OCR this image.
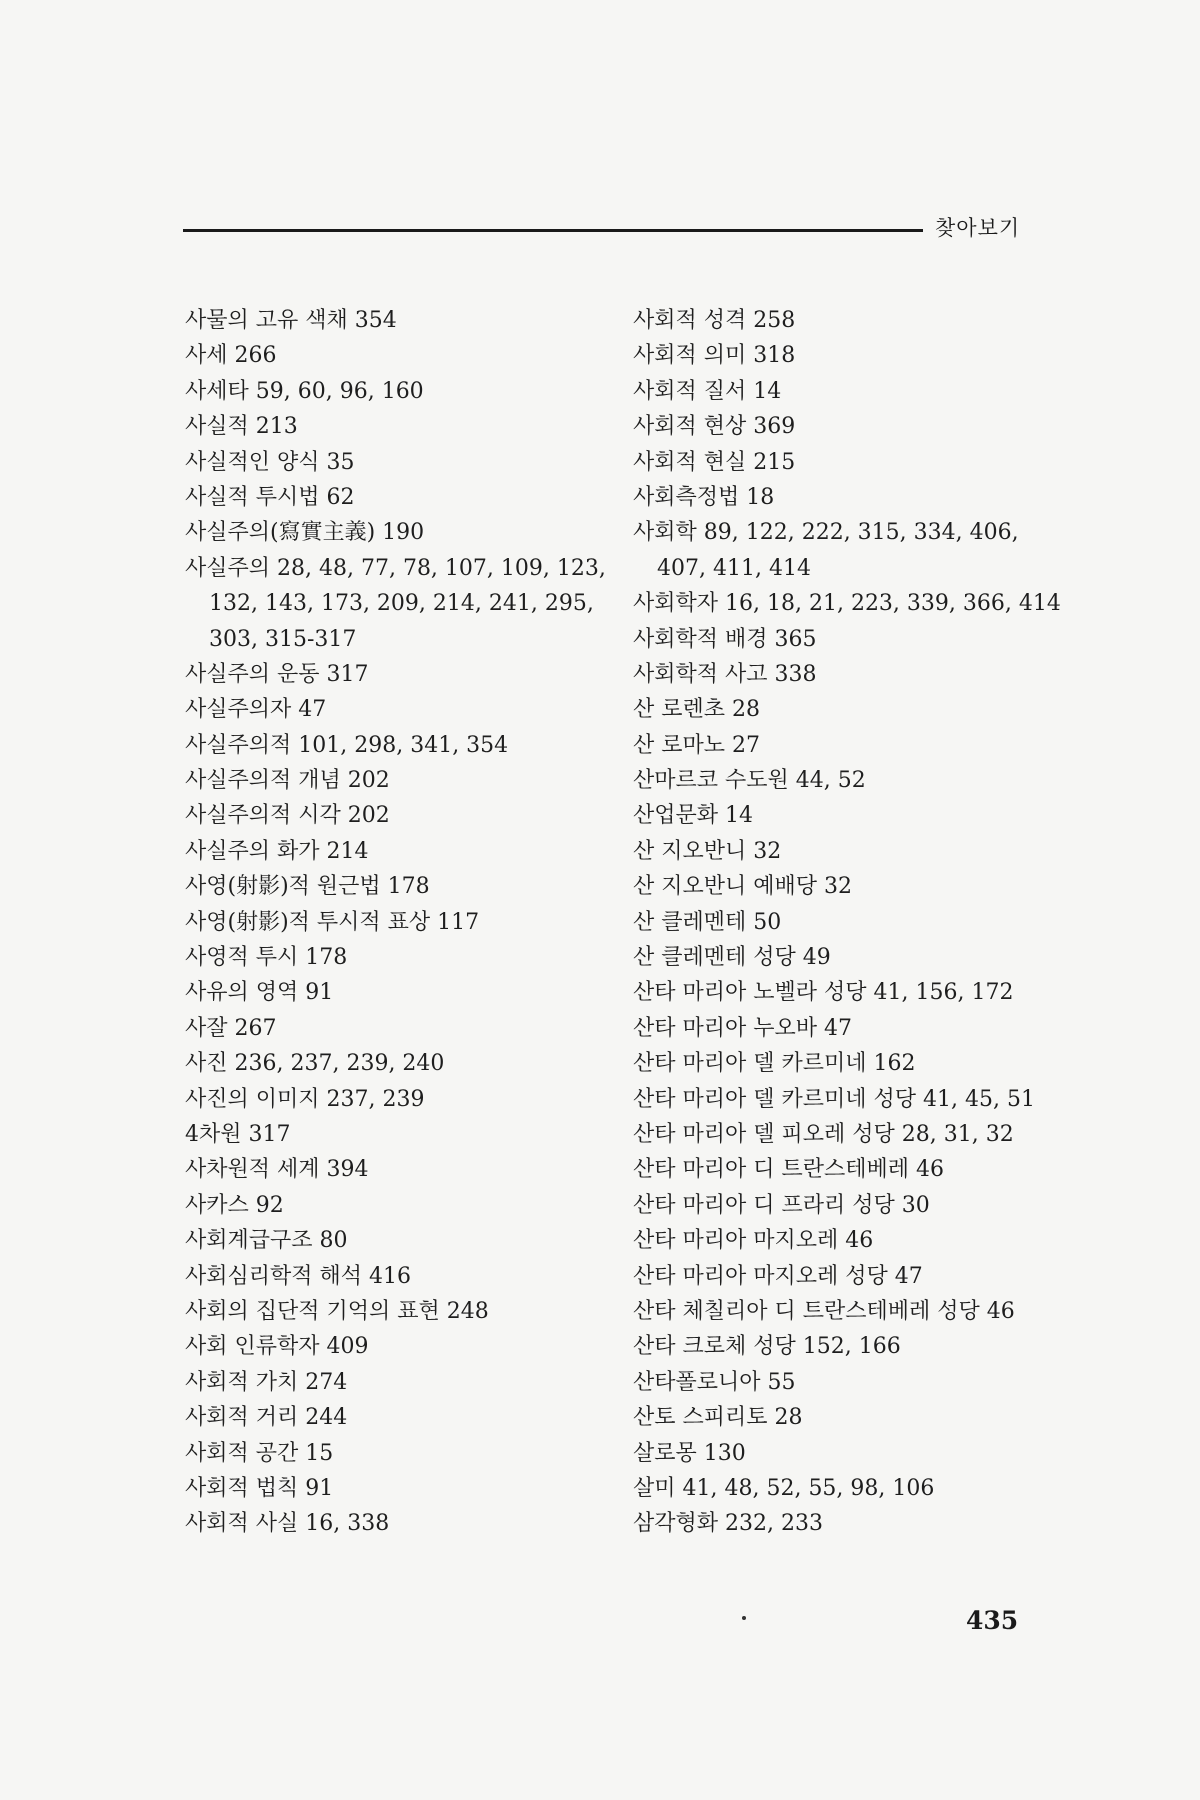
찾아보기
사물의 고유 색채 354
사세 266
사세타 59, 60, 96, 160
사실적 213
사실적인 양식 35
사실적 투시법 62
사실주의(寫實主義) 190
사실주의 28, 48, 77, 78, 107, 109, 123,
132, 143, 173, 209, 214, 241, 295,
303, 315-317
사실주의 운동 317
사실주의자 47
사실주의적 101, 298, 341, 354
사실주의적 개념 202
사실주의적 시각 202
사실주의 화가 214
사영(射影)적 원근법 178
사영(射影)적 투시적 표상 117
사영적 투시 178
사유의 영역 91
사잘 267
사진 236, 237, 239, 240
사진의 이미지 237, 239
4차원 317
사차원적 세계 394
사카스 92
사회계급구조 80
사회심리학적 해석 416
사회의 집단적 기억의 표현 248
사회 인류학자 409
사회적 가치 274
사회적 거리 244
사회적 공간 15
사회적 법칙 91
사회적 사실 16, 338
사회적 성격 258
사회적 의미 318
사회적 질서 14
사회적 현상 369
사회적 현실 215
사회측정법 18
사회학 89, 122, 222, 315, 334, 406,
407, 411, 414
사회학자 16, 18, 21, 223, 339, 366, 414
사회학적 배경 365
사회학적 사고 338
산 로렌초 28
산 로마노 27
산마르코 수도원 44, 52
산업문화 14
산 지오반니 32
산 지오반니 예배당 32
산 클레멘테 50
산 클레멘테 성당 49
산타 마리아 노벨라 성당 41, 156, 172
산타 마리아 누오바 47
산타 마리아 델 카르미네 162
산타 마리아 델 카르미네 성당 41, 45, 51
산타 마리아 델 피오레 성당 28, 31, 32
산타 마리아 디 트란스테베레 46
산타 마리아 디 프라리 성당 30
산타 마리아 마지오레 46
산타 마리아 마지오레 성당 47
산타 체칠리아 디 트란스테베레 성당 46
산타 크로체 성당 152, 166
산타폴로니아 55
산토 스피리토 28
살로몽 130
살미 41, 48, 52, 55, 98, 106
삼각형화 232, 233
435
